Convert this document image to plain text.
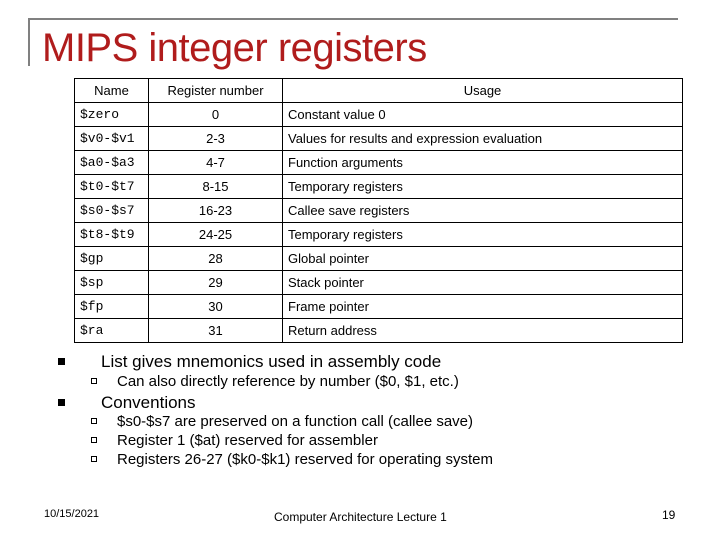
MIPS integer registers
Name	Register number	Usage
$zero	0	Constant value 0
$v0-$v1	2-3	Values for results and expression evaluation
$a0-$a3	4-7	Function arguments
$t0-$t7	8-15	Temporary registers
$s0-$s7	16-23	Callee save registers
$t8-$t9	24-25	Temporary registers
$gp	28	Global pointer
$sp	29	Stack pointer
$fp	30	Frame pointer
$ra	31	Return address
List gives mnemonics used in assembly code
Can also directly reference by number ($0, $1, etc.)
Conventions
$s0-$s7 are preserved on a function call (callee save)
Register 1 ($at) reserved for assembler
Registers 26-27 ($k0-$k1) reserved for operating system
10/15/2021	Computer Architecture Lecture 1	19
